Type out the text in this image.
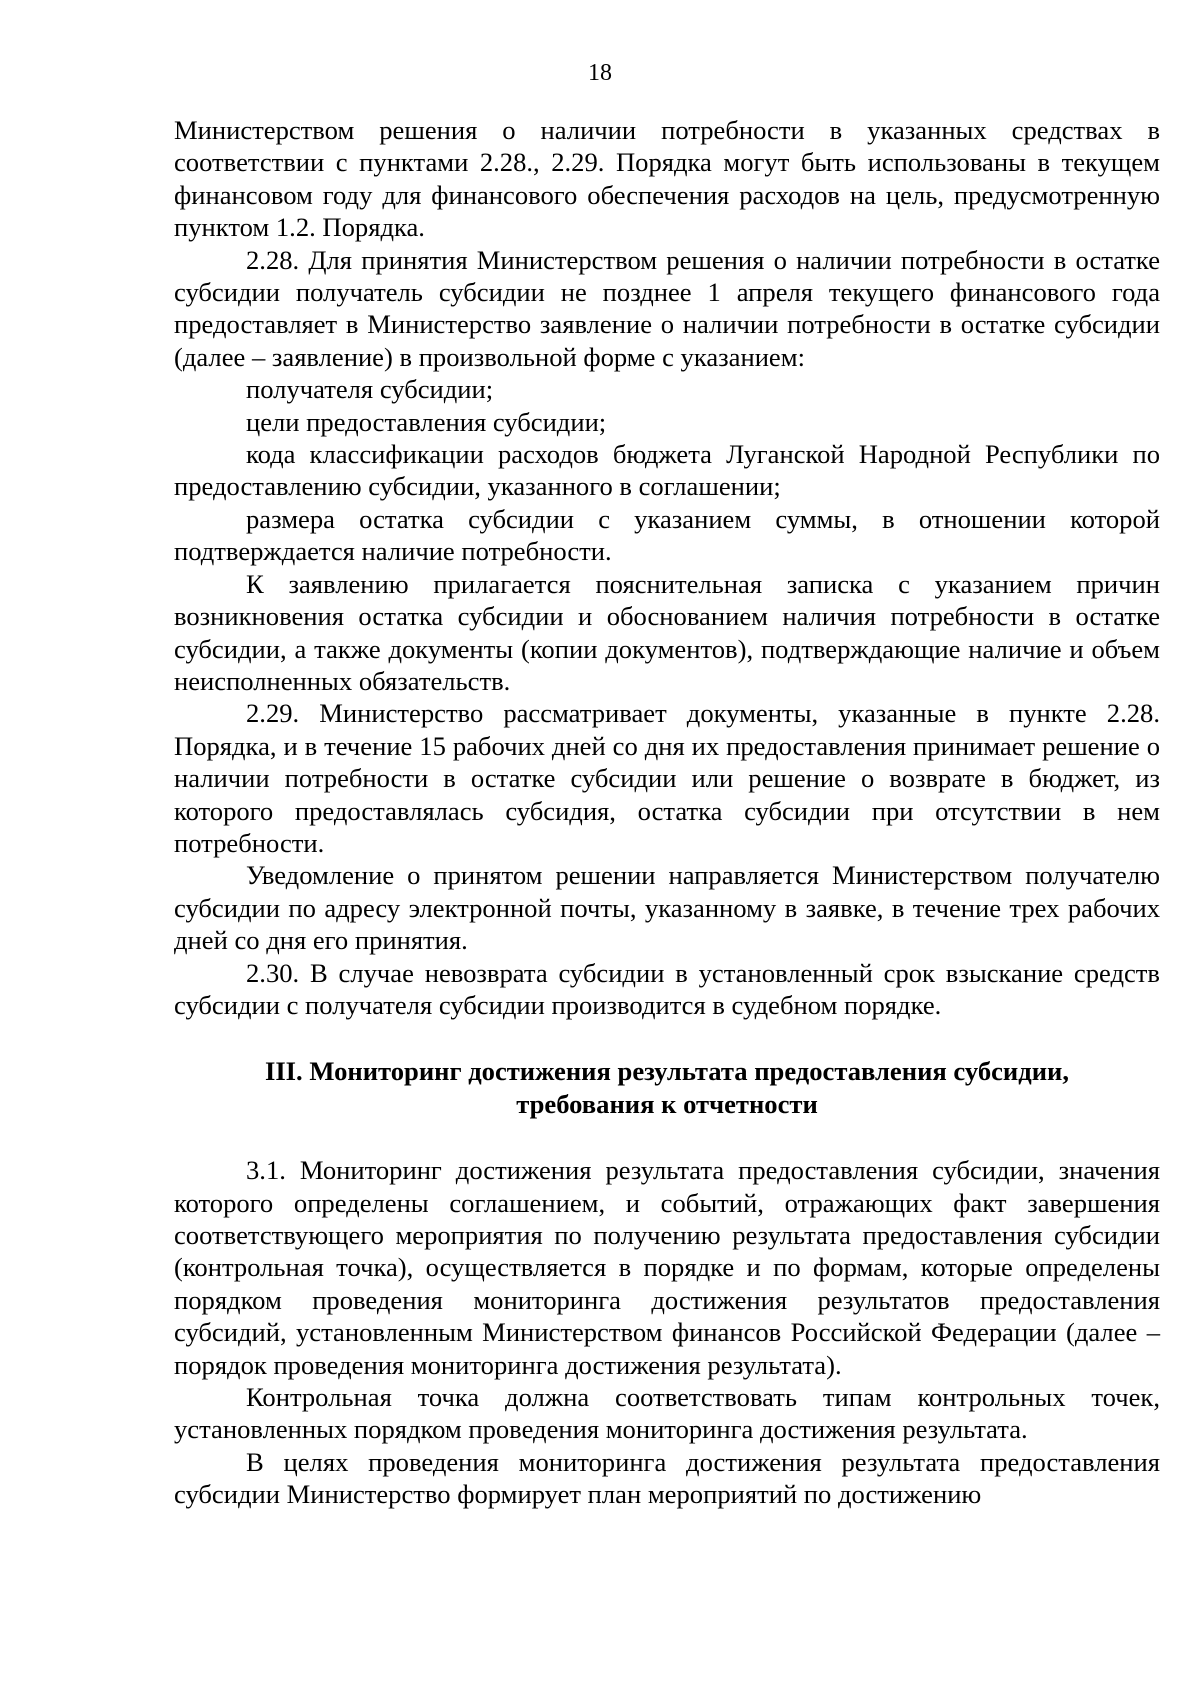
18

Министерством решения о наличии потребности в указанных средствах в соответствии с пунктами 2.28., 2.29. Порядка могут быть использованы в текущем финансовом году для финансового обеспечения расходов на цель, предусмотренную пунктом 1.2. Порядка.

2.28. Для принятия Министерством решения о наличии потребности в остатке субсидии получатель субсидии не позднее 1 апреля текущего финансового года предоставляет в Министерство заявление о наличии потребности в остатке субсидии (далее – заявление) в произвольной форме с указанием:

получателя субсидии;

цели предоставления субсидии;

кода классификации расходов бюджета Луганской Народной Республики по предоставлению субсидии, указанного в соглашении;

размера остатка субсидии с указанием суммы, в отношении которой подтверждается наличие потребности.

К заявлению прилагается пояснительная записка с указанием причин возникновения остатка субсидии и обоснованием наличия потребности в остатке субсидии, а также документы (копии документов), подтверждающие наличие и объем неисполненных обязательств.

2.29. Министерство рассматривает документы, указанные в пункте 2.28. Порядка, и в течение 15 рабочих дней со дня их предоставления принимает решение о наличии потребности в остатке субсидии или решение о возврате в бюджет, из которого предоставлялась субсидия, остатка субсидии при отсутствии в нем потребности.

Уведомление о принятом решении направляется Министерством получателю субсидии по адресу электронной почты, указанному в заявке, в течение трех рабочих дней со дня его принятия.

2.30. В случае невозврата субсидии в установленный срок взыскание средств субсидии с получателя субсидии производится в судебном порядке.

III. Мониторинг достижения результата предоставления субсидии, требования к отчетности

3.1. Мониторинг достижения результата предоставления субсидии, значения которого определены соглашением, и событий, отражающих факт завершения соответствующего мероприятия по получению результата предоставления субсидии (контрольная точка), осуществляется в порядке и по формам, которые определены порядком проведения мониторинга достижения результатов предоставления субсидий, установленным Министерством финансов Российской Федерации (далее – порядок проведения мониторинга достижения результата).

Контрольная точка должна соответствовать типам контрольных точек, установленных порядком проведения мониторинга достижения результата.

В целях проведения мониторинга достижения результата предоставления субсидии Министерство формирует план мероприятий по достижению
